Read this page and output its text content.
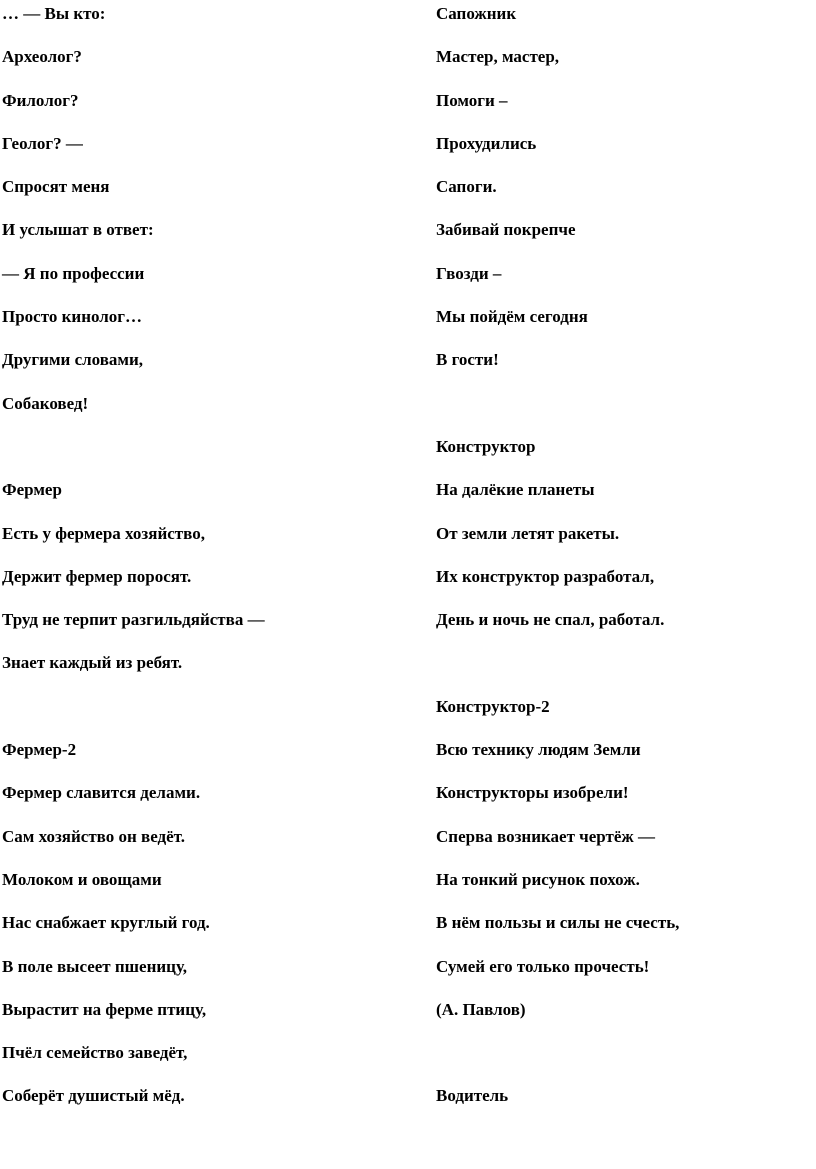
… — Вы кто:
Археолог?
Филолог?
Геолог? —
Спросят меня
И услышат в ответ:
— Я по профессии
Просто кинолог…
Другими словами,
Собаковед!
Фермер
Есть у фермера хозяйство,
Держит фермер поросят.
Труд не терпит разгильдяйства —
Знает каждый из ребят.
Фермер-2
Фермер славится делами.
Сам хозяйство он ведёт.
Молоком и овощами
Нас снабжает круглый год.
В поле высеет пшеницу,
Вырастит на ферме птицу,
Пчёл семейство заведёт,
Соберёт душистый мёд.
Сапожник
Мастер, мастер,
Помоги –
Прохудились
Сапоги.
Забивай покрепче
Гвозди –
Мы пойдём сегодня
В гости!
Конструктор
На далёкие планеты
От земли летят ракеты.
Их конструктор разработал,
День и ночь не спал, работал.
Конструктор-2
Всю технику людям Земли
Конструкторы изобрели!
Сперва возникает чертёж —
На тонкий рисунок похож.
В нём пользы и силы не счесть,
Сумей его только прочесть!
(А. Павлов)
Водитель
